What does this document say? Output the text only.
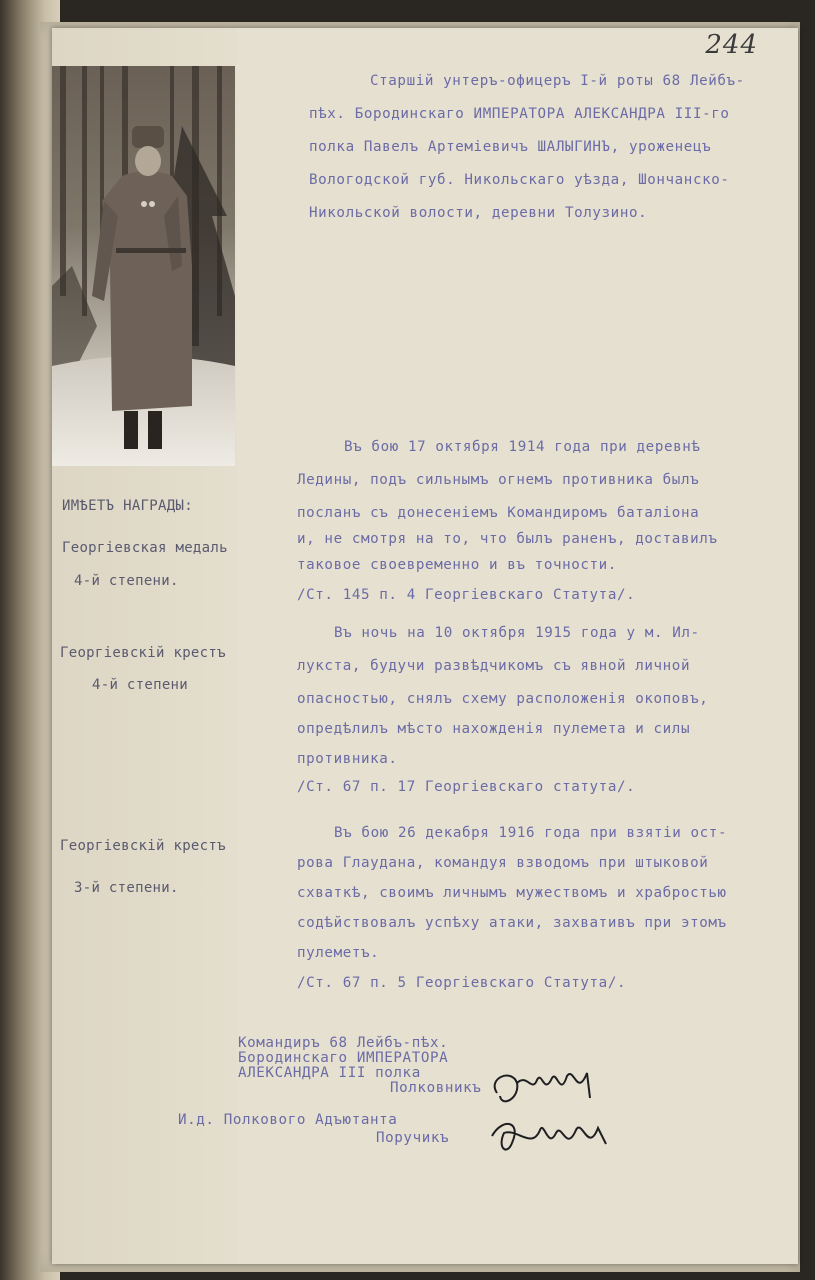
244
Старшій унтеръ-офицеръ I-й роты 68 Лейбъ-
пѣх. Бородинскаго ИМПЕРАТОРА АЛЕКСАНДРА III-го
полка Павелъ Артеміевичъ ШАЛЫГИНЪ, уроженецъ
Вологодской губ. Никольскаго уѣзда, Шончанско-
Никольской волости, деревни Толузино.
ИМѢЕТЪ НАГРАДЫ:
Георгіевская медаль
4-й степени.
Георгіевскій крестъ
4-й степени
Георгіевскій крестъ
3-й степени.
Въ бою 17 октября 1914 года при деревнѣ
Ледины, подъ сильнымъ огнемъ противника былъ
посланъ съ донесеніемъ Командиромъ баталіона
и, не смотря на то, что былъ раненъ, доставилъ
таковое своевременно и въ точности.
/Ст. 145 п. 4 Георгіевскаго Статута/.
Въ ночь на 10 октября 1915 года у м. Ил-
лукста, будучи развѣдчикомъ съ явной личной
опасностью, снялъ схему расположенія окоповъ,
опредѣлилъ мѣсто нахожденія пулемета и силы
противника.
/Ст. 67 п. 17 Георгіевскаго статута/.
Въ бою 26 декабря 1916 года при взятіи ост-
рова Глаудана, командуя взводомъ при штыковой
схваткѣ, своимъ личнымъ мужествомъ и храбростью
содѣйствовалъ успѣху атаки, захвативъ при этомъ
пулеметъ.
/Ст. 67 п. 5 Георгіевскаго Статута/.
Командиръ 68 Лейбъ-пѣх.
Бородинскаго ИМПЕРАТОРА
АЛЕКСАНДРА III полка
Полковникъ
И.д. Полкового Адъютанта
Поручикъ
